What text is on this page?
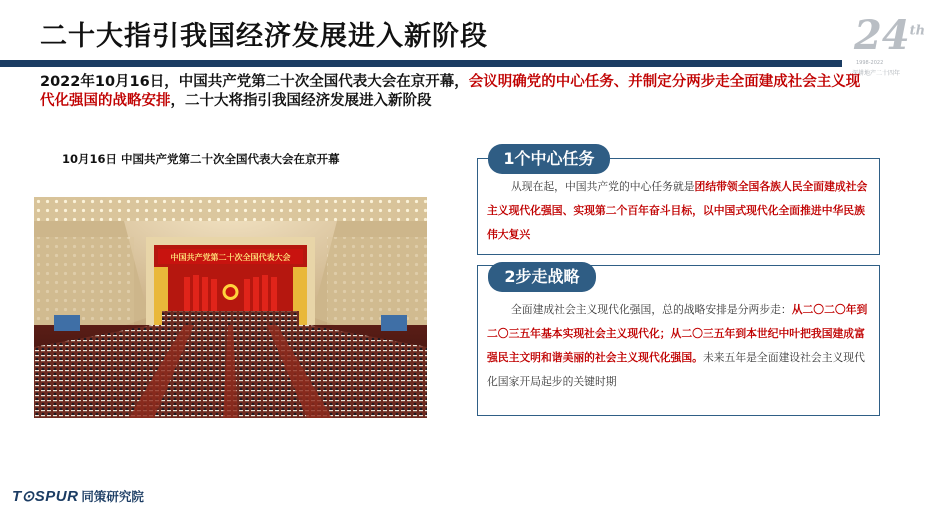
二十大指引我国经济发展进入新阶段	24th
1998-2022
深耕地产二十四年
2022年10月16日，中国共产党第二十次全国代表大会在京开幕，会议明确党的中心任务、并制定分两步走全面建成社会主义现代化强国的战略安排，二十大将指引我国经济发展进入新阶段
10月16日 中国共产党第二十次全国代表大会在京开幕
中国共产党第二十次全国代表大会
1个中心任务
从现在起，中国共产党的中心任务就是团结带领全国各族人民全面建成社会主义现代化强国、实现第二个百年奋斗目标，以中国式现代化全面推进中华民族伟大复兴
2步走战略
全面建成社会主义现代化强国，总的战略安排是分两步走：从二〇二〇年到二〇三五年基本实现社会主义现代化；从二〇三五年到本世纪中叶把我国建成富强民主文明和谐美丽的社会主义现代化强国。未来五年是全面建设社会主义现代化国家开局起步的关键时期
T⊙SPUR 同策研究院
